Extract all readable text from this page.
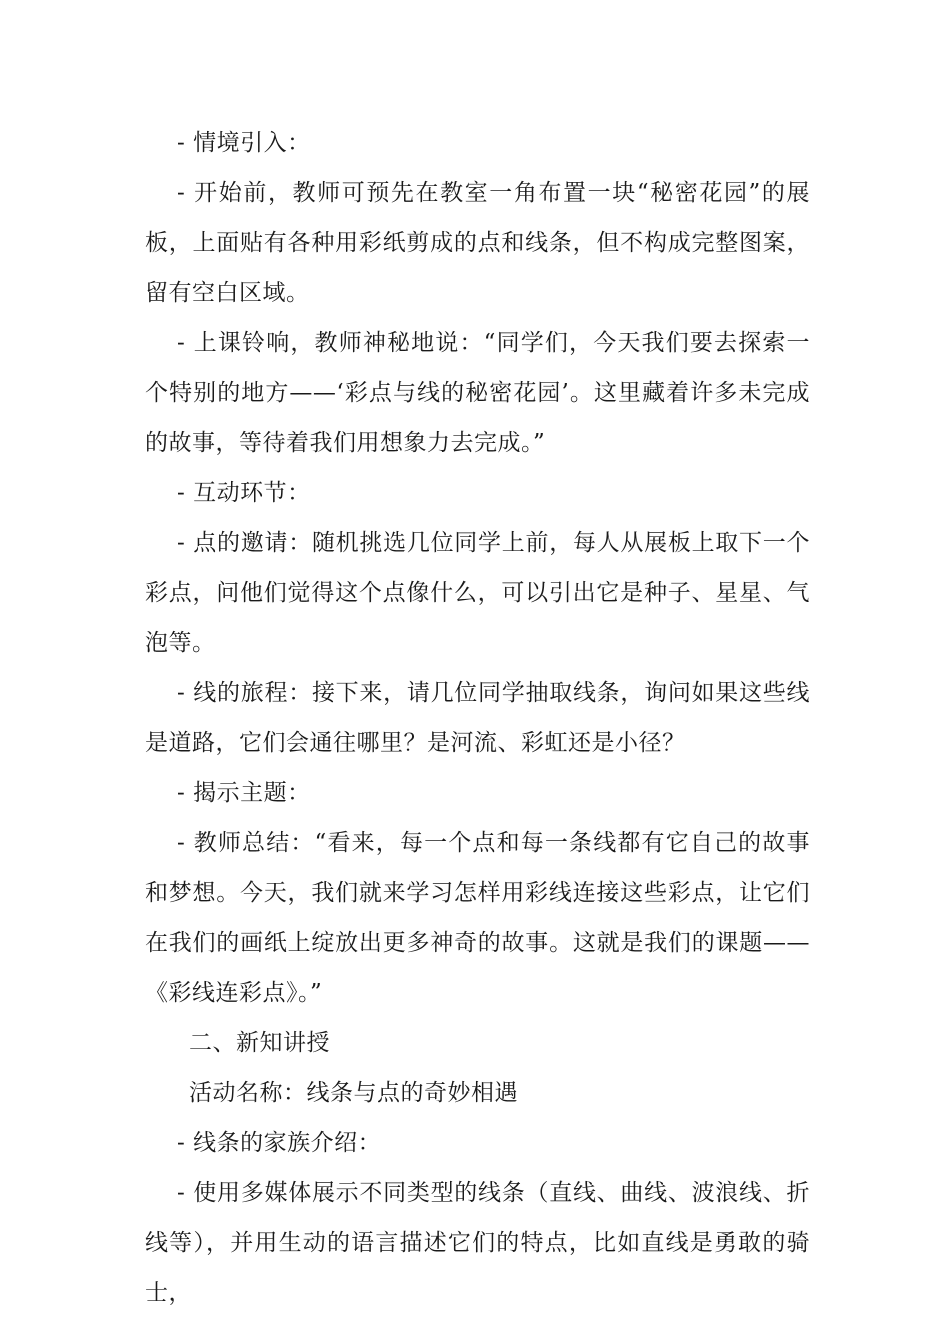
- 情境引入：

- 开始前，教师可预先在教室一角布置一块“秘密花园”的展板，上面贴有各种用彩纸剪成的点和线条，但不构成完整图案，留有空白区域。

- 上课铃响，教师神秘地说：“同学们，今天我们要去探索一个特别的地方——‘彩点与线的秘密花园’。这里藏着许多未完成的故事，等待着我们用想象力去完成。”

- 互动环节：

- 点的邀请：随机挑选几位同学上前，每人从展板上取下一个彩点，问他们觉得这个点像什么，可以引出它是种子、星星、气泡等。

- 线的旅程：接下来，请几位同学抽取线条，询问如果这些线是道路，它们会通往哪里？是河流、彩虹还是小径？

- 揭示主题：

- 教师总结：“看来，每一个点和每一条线都有它自己的故事和梦想。今天，我们就来学习怎样用彩线连接这些彩点，让它们在我们的画纸上绽放出更多神奇的故事。这就是我们的课题——《彩线连彩点》。”

二、新知讲授

活动名称：线条与点的奇妙相遇

- 线条的家族介绍：

- 使用多媒体展示不同类型的线条（直线、曲线、波浪线、折线等），并用生动的语言描述它们的特点，比如直线是勇敢的骑士，
